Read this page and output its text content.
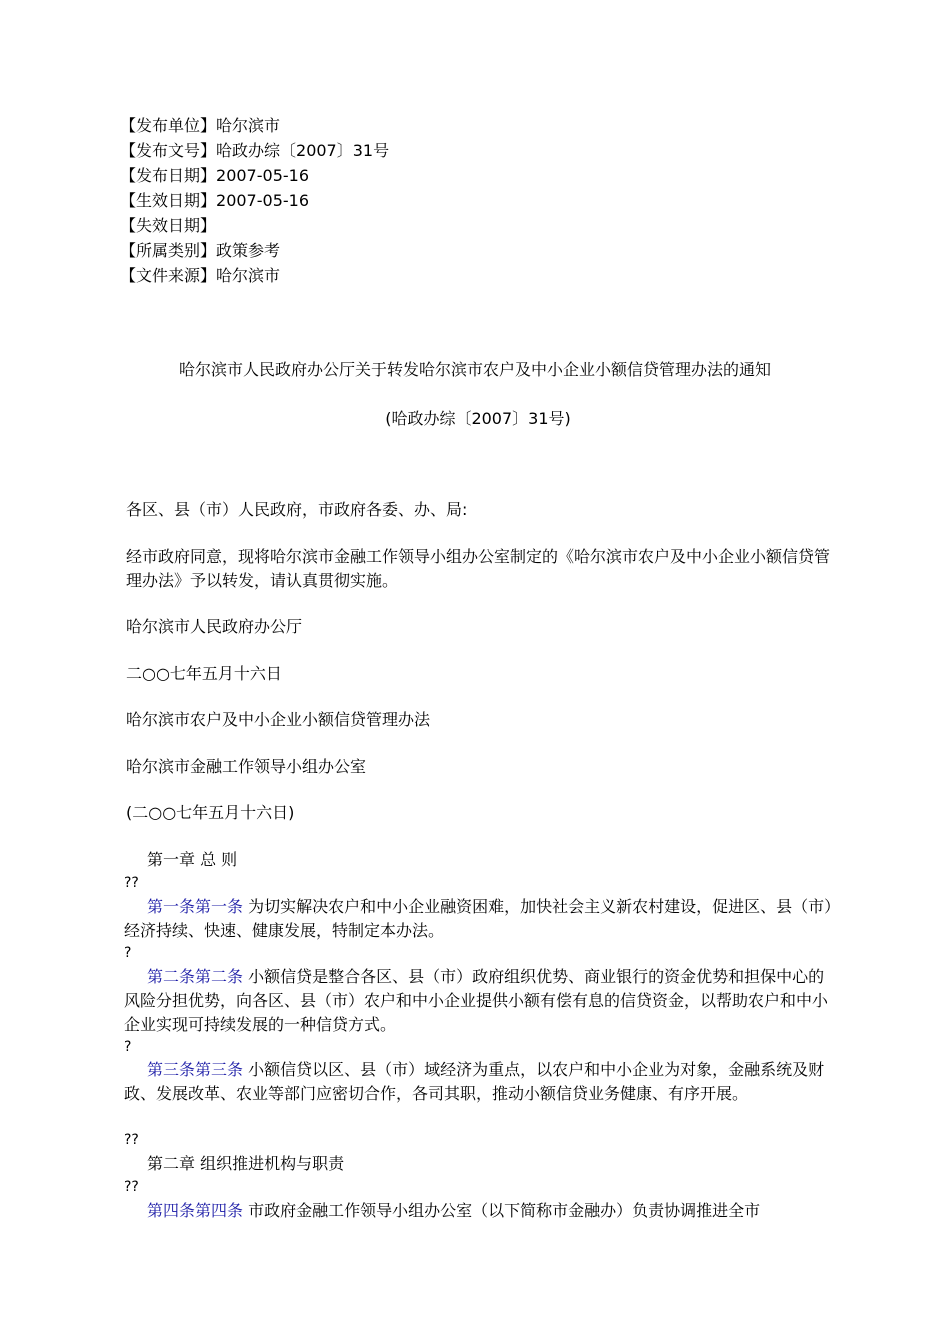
【发布单位】哈尔滨市
【发布文号】哈政办综〔2007〕31号
【发布日期】2007-05-16
【生效日期】2007-05-16
【失效日期】
【所属类别】政策参考
【文件来源】哈尔滨市
哈尔滨市人民政府办公厅关于转发哈尔滨市农户及中小企业小额信贷管理办法的通知
(哈政办综〔2007〕31号)
各区、县（市）人民政府，市政府各委、办、局:
经市政府同意，现将哈尔滨市金融工作领导小组办公室制定的《哈尔滨市农户及中小企业小额信贷管理办法》予以转发，请认真贯彻实施。
哈尔滨市人民政府办公厅
二○○七年五月十六日
哈尔滨市农户及中小企业小额信贷管理办法
哈尔滨市金融工作领导小组办公室
(二○○七年五月十六日)
第一章 总 则
??
第一条第一条 为切实解决农户和中小企业融资困难，加快社会主义新农村建设，促进区、县（市）经济持续、快速、健康发展，特制定本办法。
?
第二条第二条 小额信贷是整合各区、县（市）政府组织优势、商业银行的资金优势和担保中心的风险分担优势，向各区、县（市）农户和中小企业提供小额有偿有息的信贷资金，以帮助农户和中小企业实现可持续发展的一种信贷方式。
?
第三条第三条 小额信贷以区、县（市）域经济为重点，以农户和中小企业为对象，金融系统及财政、发展改革、农业等部门应密切合作，各司其职，推动小额信贷业务健康、有序开展。
??
第二章 组织推进机构与职责
??
第四条第四条 市政府金融工作领导小组办公室（以下简称市金融办）负责协调推进全市
